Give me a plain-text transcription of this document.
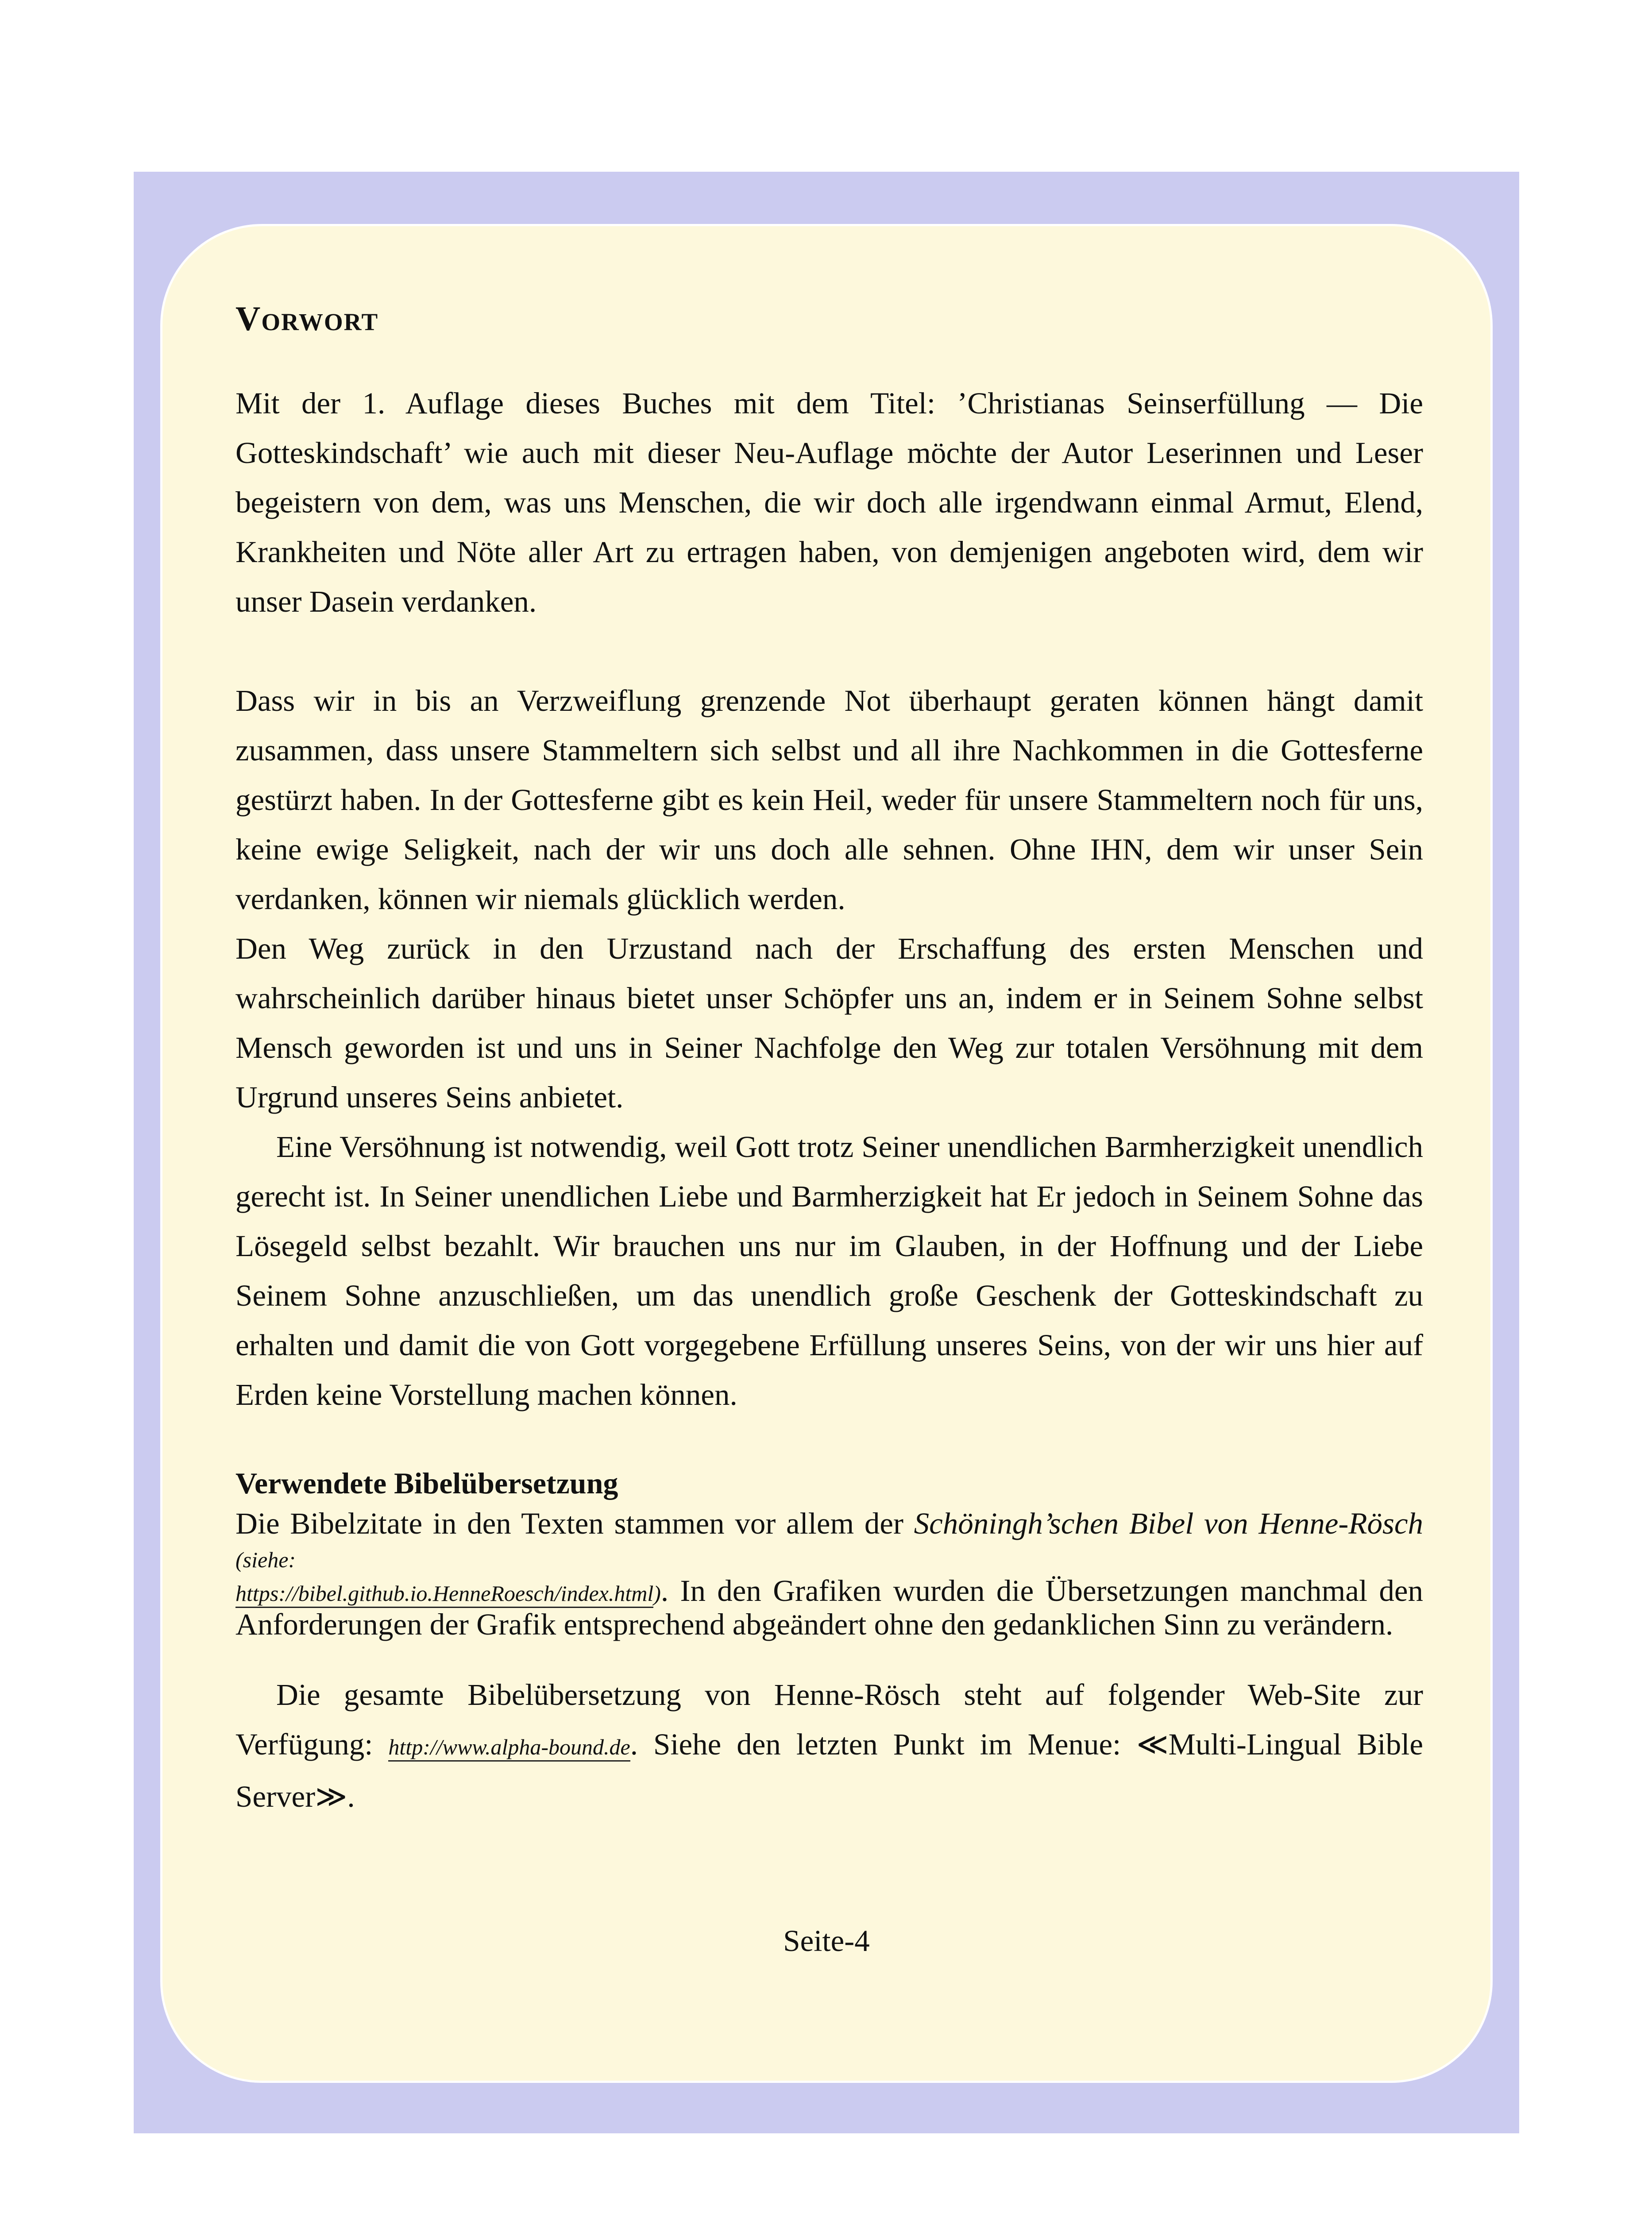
Vorwort

Mit der 1. Auflage dieses Buches mit dem Titel: ’Christianas Seinserfüllung — Die Gotteskindschaft’ wie auch mit dieser Neu-Auflage möchte der Autor Leserinnen und Leser begeistern von dem, was uns Menschen, die wir doch alle irgendwann einmal Armut, Elend, Krankheiten und Nöte aller Art zu ertragen haben, von demjenigen angeboten wird, dem wir unser Dasein verdanken.

Dass wir in bis an Verzweiflung grenzende Not überhaupt geraten können hängt damit zusammen, dass unsere Stammeltern sich selbst und all ihre Nachkommen in die Gottesferne gestürzt haben. In der Gottesferne gibt es kein Heil, weder für unsere Stammeltern noch für uns, keine ewige Seligkeit, nach der wir uns doch alle sehnen. Ohne IHN, dem wir unser Sein verdanken, können wir niemals glücklich werden.

Den Weg zurück in den Urzustand nach der Erschaffung des ersten Menschen und wahrscheinlich darüber hinaus bietet unser Schöpfer uns an, indem er in Seinem Sohne selbst Mensch geworden ist und uns in Seiner Nachfolge den Weg zur totalen Versöhnung mit dem Urgrund unseres Seins anbietet.

Eine Versöhnung ist notwendig, weil Gott trotz Seiner unendlichen Barmherzigkeit unendlich gerecht ist. In Seiner unendlichen Liebe und Barmherzigkeit hat Er jedoch in Seinem Sohne das Lösegeld selbst bezahlt. Wir brauchen uns nur im Glauben, in der Hoffnung und der Liebe Seinem Sohne anzuschließen, um das unendlich große Geschenk der Gotteskindschaft zu erhalten und damit die von Gott vorgegebene Erfüllung unseres Seins, von der wir uns hier auf Erden keine Vorstellung machen können.

Verwendete Bibelübersetzung

Die Bibelzitate in den Texten stammen vor allem der Schöningh’schen Bibel von Henne-Rösch (siehe:
https://bibel.github.io.HenneRoesch/index.html). In den Grafiken wurden die Übersetzungen manchmal den Anforderungen der Grafik entsprechend abgeändert ohne den gedanklichen Sinn zu verändern.

Die gesamte Bibelübersetzung von Henne-Rösch steht auf folgender Web-Site zur Verfügung: http://www.alpha-bound.de. Siehe den letzten Punkt im Menue: ≪Multi-Lingual Bible Server≫.

Seite-4
